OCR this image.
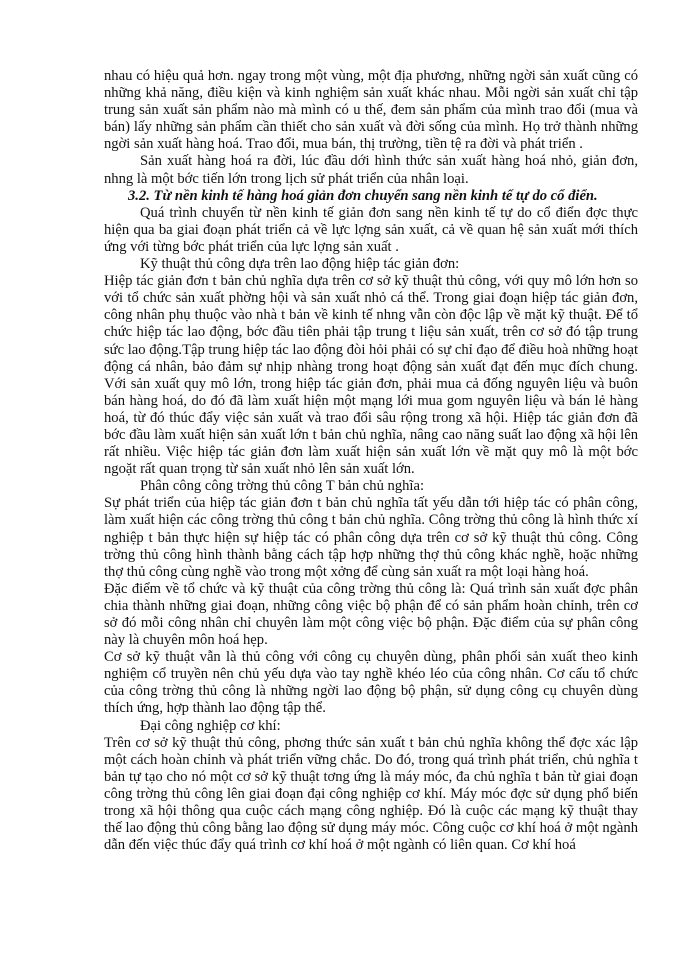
nhau có hiệu quả hơn. ngay trong một vùng, một địa phương, những ngời sản xuất cũng có những khả năng, điều kiện và kinh nghiệm sản xuất khác nhau. Mỗi ngời sản xuất chỉ tập trung sản xuất sản phẩm nào mà mình có u thế, đem sản phẩm của mình trao đổi (mua và bán) lấy những sản phẩm cần thiết cho sản xuất và đời sống của mình. Họ trở thành những ngời sản xuất hàng hoá. Trao đổi, mua bán, thị trường, tiền tệ ra đời và phát triển .

Sản xuất hàng hoá ra đời, lúc đầu dới hình thức sản xuất hàng hoá nhỏ, giản đơn, nhng là một bớc tiến lớn trong lịch sử phát triển của nhân loại.

3.2. Từ nền kinh tế hàng hoá giản đơn chuyển sang nền kinh tế tự do cổ điển.

Quá trình chuyển từ nền kinh tế giản đơn sang nền kinh tế tự do cổ điển đợc thực hiện qua ba giai đoạn phát triển cả về lực lợng sản xuất, cả về quan hệ sản xuất mới thích ứng với từng bớc phát triển của lực lợng sản xuất .

Kỹ thuật thủ công dựa trên lao động hiệp tác giản đơn:

Hiệp tác giản đơn t bản chủ nghĩa dựa trên cơ sở kỹ thuật thủ công, với quy mô lớn hơn so với tổ chức sản xuất phờng hội và sản xuất nhỏ cá thể. Trong giai đoạn hiệp tác giản đơn, công nhân phụ thuộc vào nhà t bản về kinh tế nhng vẫn còn độc lập về mặt kỹ thuật. Để tổ chức hiệp tác lao động, bớc đầu tiên phải tập trung t liệu sản xuất, trên cơ sở đó tập trung sức lao động.Tập trung hiệp tác lao động đòi hỏi phải có sự chỉ đạo để điều hoà những hoạt động cá nhân, bảo đảm sự nhịp nhàng trong hoạt động sản xuất đạt đến mục đích chung. Với sản xuất quy mô lớn, trong hiệp tác giản đơn, phải mua cả đống nguyên liệu và buôn bán hàng hoá, do đó đã làm xuất hiện một mạng lới mua gom nguyên liệu và bán lẻ hàng hoá, từ đó thúc đẩy việc sản xuất và trao đổi sâu rộng trong xã hội. Hiệp tác giản đơn đã bớc đầu làm xuất hiện sản xuất lớn t bản chủ nghĩa, nâng cao năng suất lao động xã hội lên rất nhiều. Việc hiệp tác giản đơn làm xuất hiện sản xuất lớn về mặt quy mô là một bớc ngoặt rất quan trọng từ sản xuất nhỏ lên sản xuất lớn.

Phân công công trờng thủ công T bản chủ nghĩa:

Sự phát triển của hiệp tác giản đơn t bản chủ nghĩa tất yếu dẫn tới hiệp tác có phân công, làm xuất hiện các công trờng thủ công t bản chủ nghĩa. Công trờng thủ công là hình thức xí nghiệp t bản thực hiện sự hiệp tác có phân công dựa trên cơ sở kỹ thuật thủ công. Công trờng thủ công hình thành bằng cách tập hợp những thợ thủ công khác nghề, hoặc những thợ thủ công cùng nghề vào trong một xởng để cùng sản xuất ra một loại hàng hoá.

Đặc điểm về tổ chức và kỹ thuật của công trờng thủ công là: Quá trình sản xuất đợc phân chia thành những giai đoạn, những công việc bộ phận để có sản phẩm hoàn chỉnh, trên cơ sở đó mỗi công nhân chỉ chuyên làm một công việc bộ phận. Đặc điểm của sự phân công này là chuyên môn hoá hẹp.

Cơ sở kỹ thuật vẫn là thủ công với công cụ chuyên dùng, phân phối sản xuất theo kinh nghiệm cổ truyền nên chủ yếu dựa vào tay nghề khéo léo của công nhân. Cơ cấu tổ chức của công trờng thủ công là những ngời lao động bộ phận, sử dụng công cụ chuyên dùng thích ứng, hợp thành lao động tập thể.

Đại công nghiệp cơ khí:

Trên cơ sở kỹ thuật thủ công, phơng thức sản xuất t bản chủ nghĩa không thể đợc xác lập một cách hoàn chỉnh và phát triển vững chắc. Do đó, trong quá trình phát triển, chủ nghĩa t bản tự tạo cho nó một cơ sở kỹ thuật tơng ứng là máy móc, đa chủ nghĩa t bản từ giai đoạn công trờng thủ công lên giai đoạn đại công nghiệp cơ khí. Máy móc đợc sử dụng phổ biến trong xã hội thông qua cuộc cách mạng công nghiệp. Đó là cuộc các mạng kỹ thuật thay thế lao động thủ công bằng lao động sử dụng máy móc. Công cuộc cơ khí hoá ở một ngành dẫn đến việc thúc đẩy quá trình cơ khí hoá ở một ngành có liên quan. Cơ khí hoá
